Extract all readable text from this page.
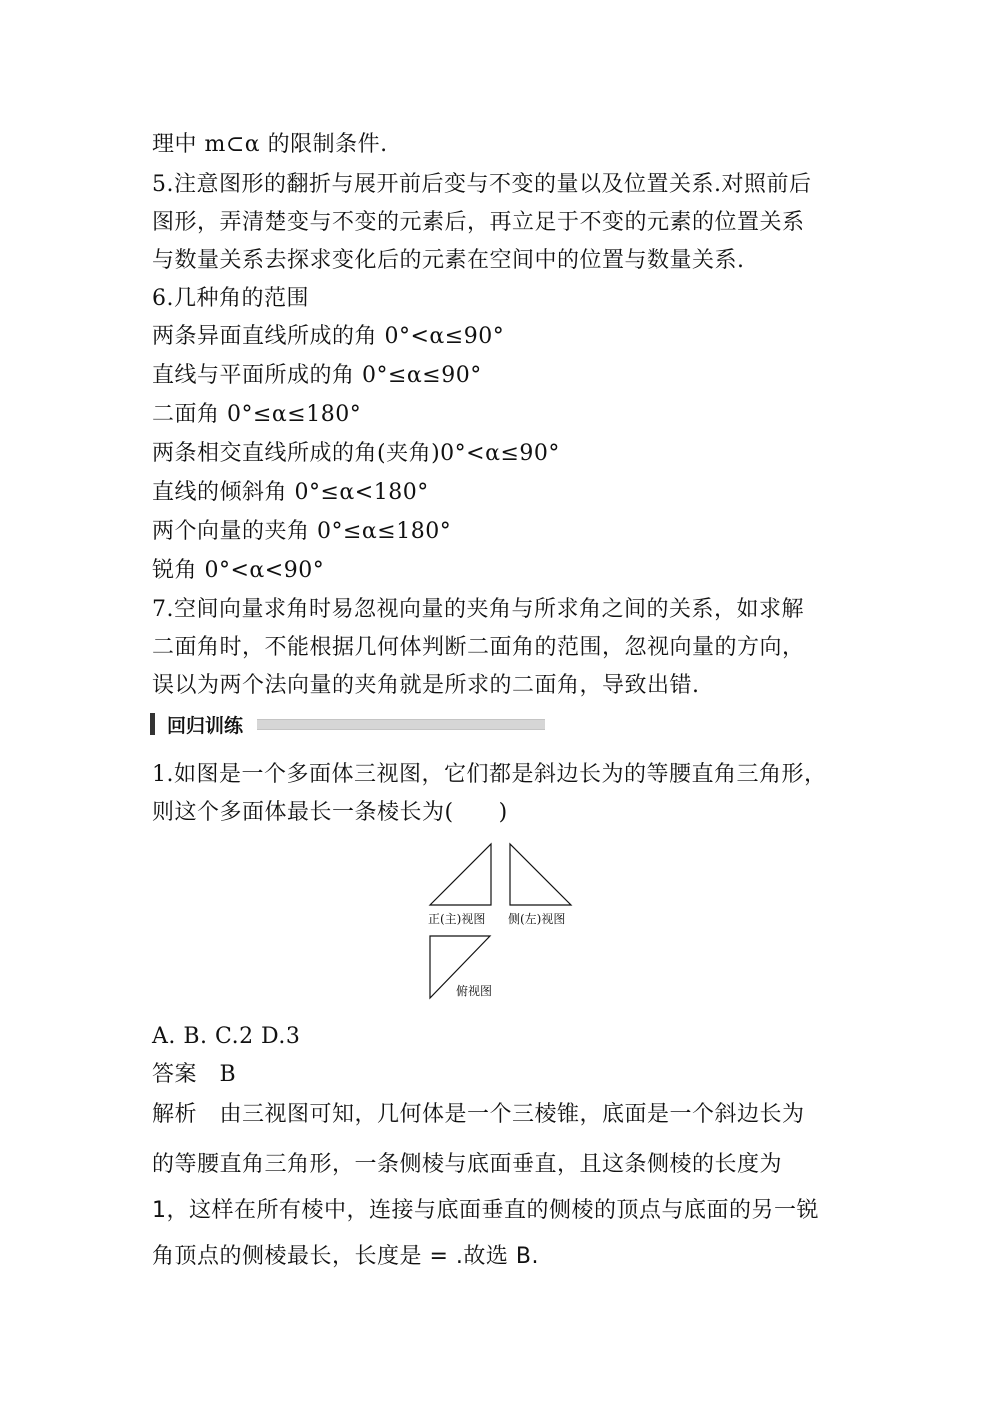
理中 m⊂α 的限制条件.
5.注意图形的翻折与展开前后变与不变的量以及位置关系.对照前后
图形，弄清楚变与不变的元素后，再立足于不变的元素的位置关系
与数量关系去探求变化后的元素在空间中的位置与数量关系.
6.几种角的范围
两条异面直线所成的角 0°<α≤90°
直线与平面所成的角 0°≤α≤90°
二面角 0°≤α≤180°
两条相交直线所成的角(夹角)0°<α≤90°
直线的倾斜角 0°≤α<180°
两个向量的夹角 0°≤α≤180°
锐角 0°<α<90°
7.空间向量求角时易忽视向量的夹角与所求角之间的关系，如求解
二面角时，不能根据几何体判断二面角的范围，忽视向量的方向，
误以为两个法向量的夹角就是所求的二面角，导致出错.
回归训练
1.如图是一个多面体三视图，它们都是斜边长为的等腰直角三角形，
则这个多面体最长一条棱长为(　　)
正(主)视图 侧(左)视图
俯视图
A. B. C.2 D.3
答案　B
解析　由三视图可知，几何体是一个三棱锥，底面是一个斜边长为
的等腰直角三角形，一条侧棱与底面垂直，且这条侧棱的长度为
1，这样在所有棱中，连接与底面垂直的侧棱的顶点与底面的另一锐
角顶点的侧棱最长，长度是 = .故选 B.
